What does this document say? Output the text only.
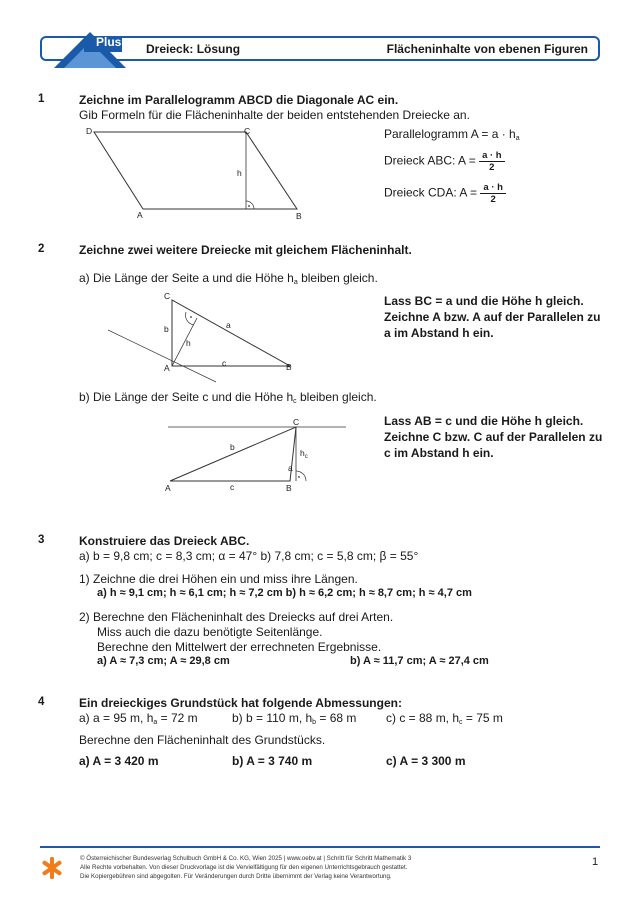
Plus Dreieck: Lösung	Flächeninhalte von ebenen Figuren
1	Zeichne im Parallelogramm ABCD die Diagonale AC ein.
Gib Formeln für die Flächeninhalte der beiden entstehenden Dreiecke an.
D	C
A	B
h
Parallelogramm $A = a \cdot h_a$
Dreieck ABC: $A = \frac{a \cdot h}{2}$
Dreieck CDA: $A = \frac{a \cdot h}{2}$
2	Zeichne zwei weitere Dreiecke mit gleichem Flächeninhalt.
a) Die Länge der Seite a und die Höhe $h_a$ bleiben gleich.
C
A	B
a
b
c
h
Lass BC = a und die Höhe h gleich.
Zeichne A bzw. A auf der Parallelen zu
a im Abstand h ein.
b) Die Länge der Seite c und die Höhe $h_c$ bleiben gleich.
C
A	B
b
c
a
$h_c$
Lass AB = c und die Höhe h gleich.
Zeichne C bzw. C auf der Parallelen zu
c im Abstand h ein.
3	Konstruiere das Dreieck ABC.
a) b = 9,8 cm; c = 8,3 cm; α = 47° b) 7,8 cm; c = 5,8 cm; β = 55°
1) Zeichne die drei Höhen ein und miss ihre Längen.
a) h ≈ 9,1 cm; h ≈ 6,1 cm; h ≈ 7,2 cm b) h ≈ 6,2 cm; h ≈ 8,7 cm; h ≈ 4,7 cm
2) Berechne den Flächeninhalt des Dreiecks auf drei Arten.
Miss auch die dazu benötigte Seitenlänge.
Berechne den Mittelwert der errechneten Ergebnisse.
a) A ≈ 7,3 cm; A ≈ 29,8 cm	b) A ≈ 11,7 cm; A ≈ 27,4 cm
4	Ein dreieckiges Grundstück hat folgende Abmessungen:
a) a = 95 m, $h_a = 72$ m	b) b = 110 m, $h_b = 68$ m c) c = 88 m, $h_c = 75$ m
Berechne den Flächeninhalt des Grundstücks.
a) A = 3 420 m	b) A = 3 740 m	c) A = 3 300 m
© Österreichischer Bundesverlag Schulbuch GmbH & Co. KG, Wien 2025 | www.oebv.at | Schritt für Schritt Mathematik 3
Alle Rechte vorbehalten. Von dieser Druckvorlage ist die Vervielfältigung für den eigenen Unterrichtsgebrauch gestattet.
Die Kopiergebühren sind abgegolten. Für Veränderungen durch Dritte übernimmt der Verlag keine Verantwortung.
1
